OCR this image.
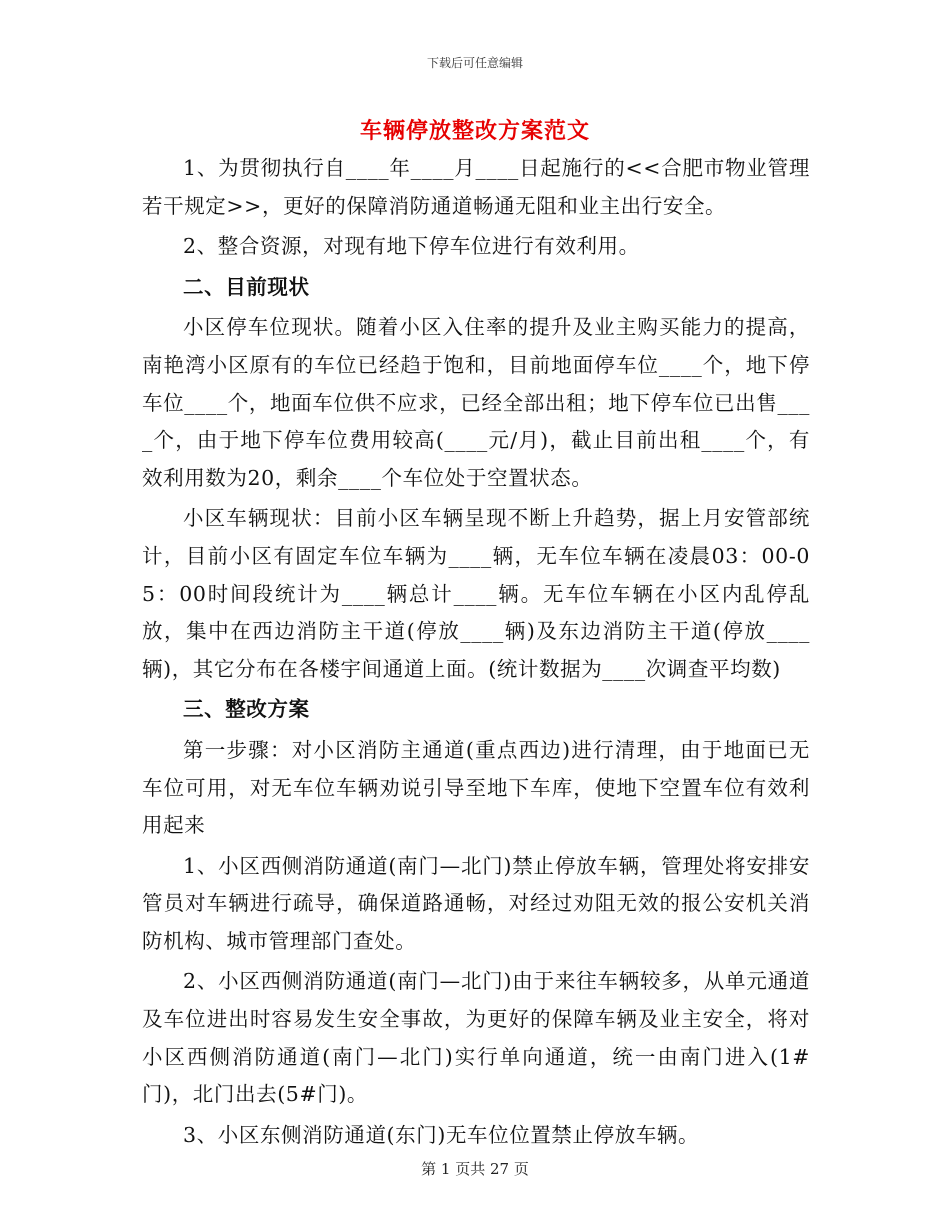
下载后可任意编辑
车辆停放整改方案范文

1、为贯彻执行自____年____月____日起施行的<<合肥市物业管理若干规定>>，更好的保障消防通道畅通无阻和业主出行安全。

2、整合资源，对现有地下停车位进行有效利用。

二、目前现状

小区停车位现状。随着小区入住率的提升及业主购买能力的提高，南艳湾小区原有的车位已经趋于饱和，目前地面停车位____个，地下停车位____个，地面车位供不应求，已经全部出租；地下停车位已出售____个，由于地下停车位费用较高(____元/月)，截止目前出租____个，有效利用数为20，剩余____个车位处于空置状态。

小区车辆现状：目前小区车辆呈现不断上升趋势，据上月安管部统计，目前小区有固定车位车辆为____辆，无车位车辆在凌晨03：00-05：00时间段统计为____辆总计____辆。无车位车辆在小区内乱停乱放，集中在西边消防主干道(停放____辆)及东边消防主干道(停放____辆)，其它分布在各楼宇间通道上面。(统计数据为____次调查平均数)

三、整改方案

第一步骤：对小区消防主通道(重点西边)进行清理，由于地面已无车位可用，对无车位车辆劝说引导至地下车库，使地下空置车位有效利用起来

1、小区西侧消防通道(南门—北门)禁止停放车辆，管理处将安排安管员对车辆进行疏导，确保道路通畅，对经过劝阻无效的报公安机关消防机构、城市管理部门查处。

2、小区西侧消防通道(南门—北门)由于来往车辆较多，从单元通道及车位进出时容易发生安全事故，为更好的保障车辆及业主安全，将对小区西侧消防通道(南门—北门)实行单向通道，统一由南门进入(1#门)，北门出去(5#门)。

3、小区东侧消防通道(东门)无车位位置禁止停放车辆。

第 1 页共 27 页
